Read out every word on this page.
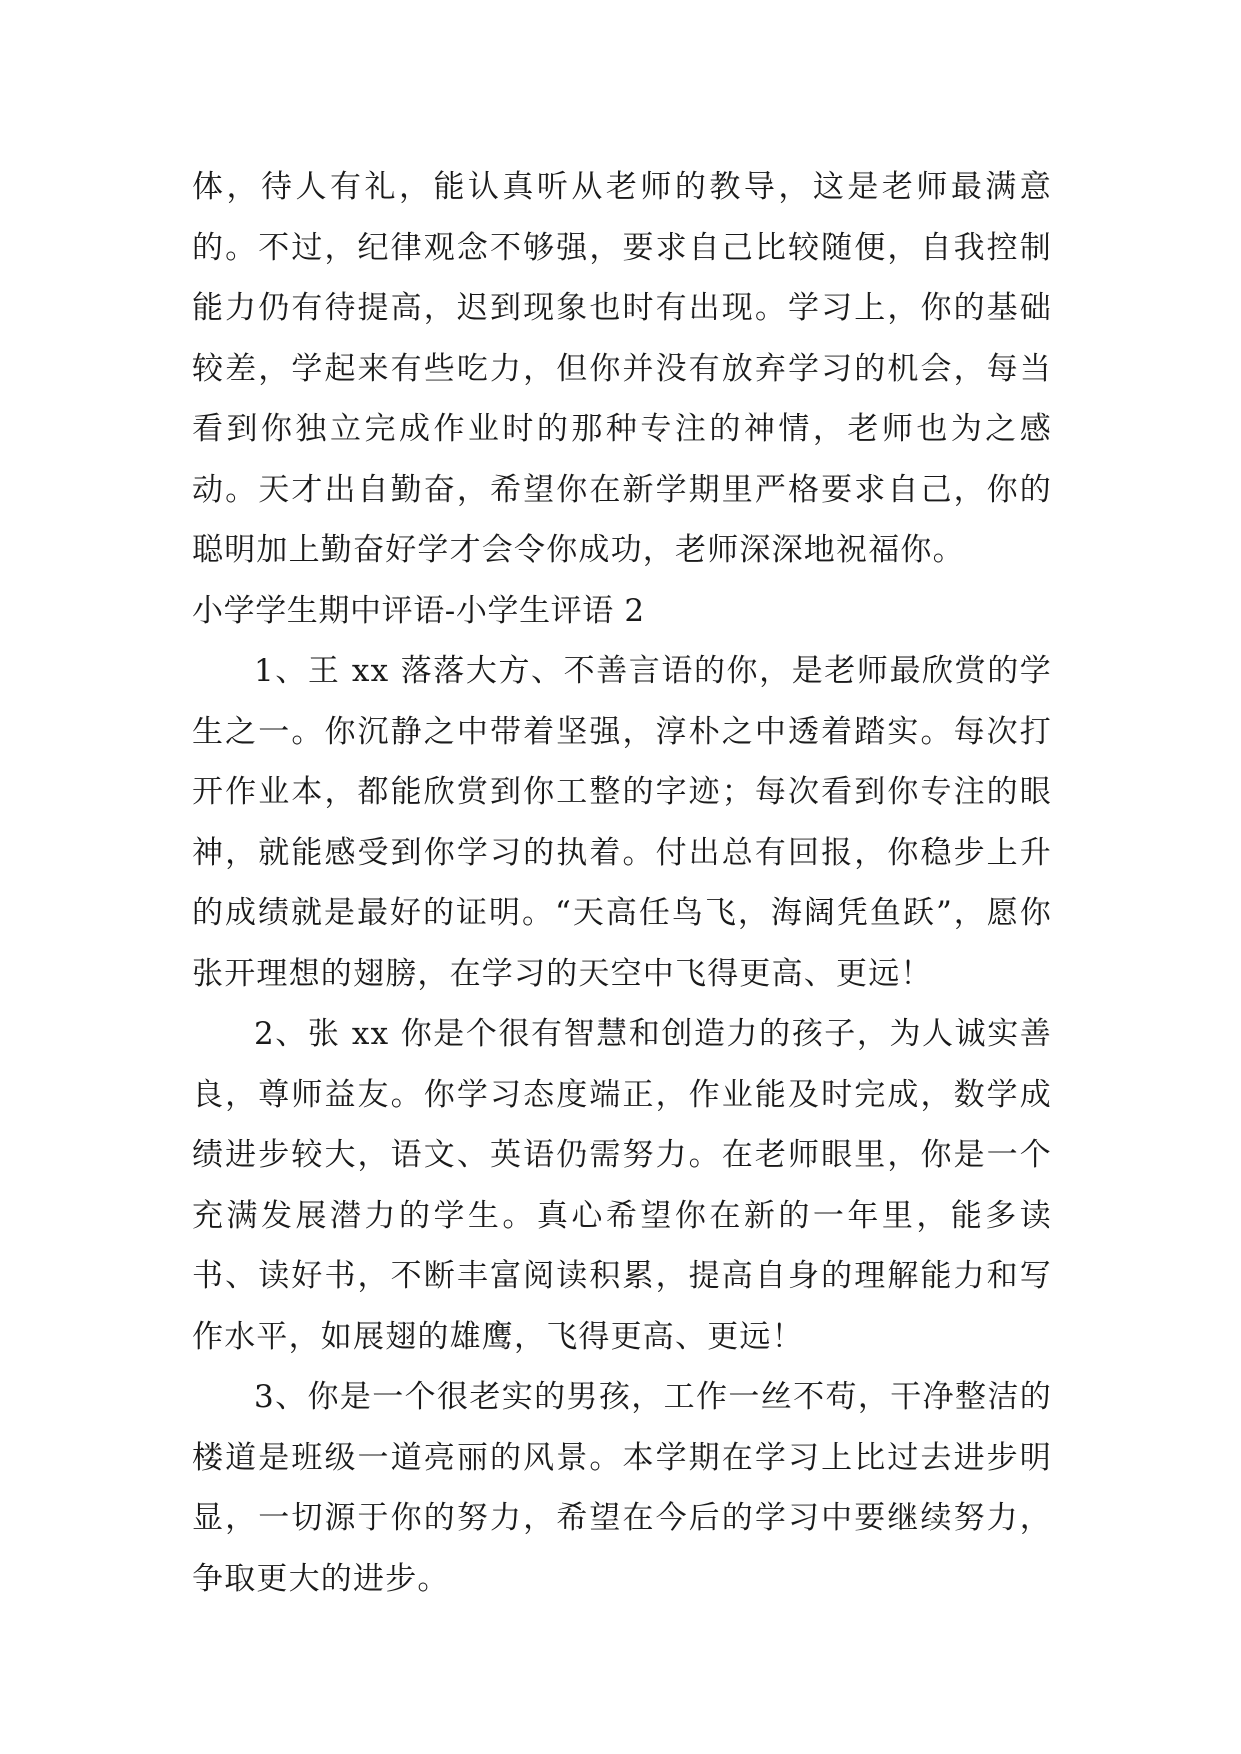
体，待人有礼，能认真听从老师的教导，这是老师最满意的。不过，纪律观念不够强，要求自己比较随便，自我控制能力仍有待提高，迟到现象也时有出现。学习上，你的基础较差，学起来有些吃力，但你并没有放弃学习的机会，每当看到你独立完成作业时的那种专注的神情，老师也为之感动。天才出自勤奋，希望你在新学期里严格要求自己，你的聪明加上勤奋好学才会令你成功，老师深深地祝福你。

小学学生期中评语-小学生评语 2

1、王 xx 落落大方、不善言语的你，是老师最欣赏的学生之一。你沉静之中带着坚强，淳朴之中透着踏实。每次打开作业本，都能欣赏到你工整的字迹；每次看到你专注的眼神，就能感受到你学习的执着。付出总有回报，你稳步上升的成绩就是最好的证明。“天高任鸟飞，海阔凭鱼跃”，愿你张开理想的翅膀，在学习的天空中飞得更高、更远！

2、张 xx 你是个很有智慧和创造力的孩子，为人诚实善良，尊师益友。你学习态度端正，作业能及时完成，数学成绩进步较大，语文、英语仍需努力。在老师眼里，你是一个充满发展潜力的学生。真心希望你在新的一年里，能多读书、读好书，不断丰富阅读积累，提高自身的理解能力和写作水平，如展翅的雄鹰，飞得更高、更远！

3、你是一个很老实的男孩，工作一丝不苟，干净整洁的楼道是班级一道亮丽的风景。本学期在学习上比过去进步明显，一切源于你的努力，希望在今后的学习中要继续努力，争取更大的进步。
